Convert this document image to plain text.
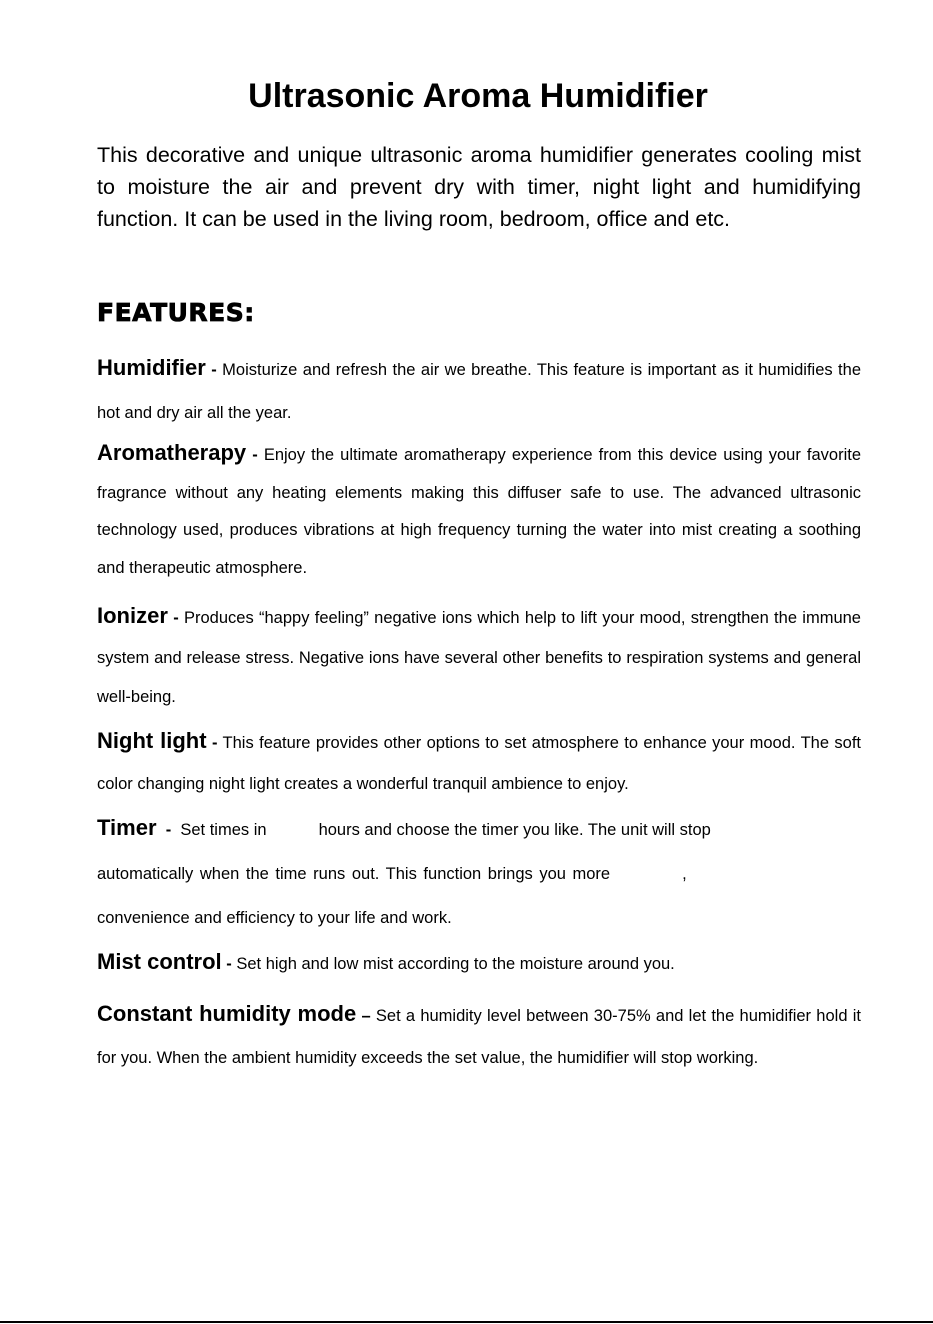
Ultrasonic Aroma Humidifier

This decorative and unique ultrasonic aroma humidifier generates cooling mist to moisture the air and prevent dry with timer, night light and humidifying function. It can be used in the living room, bedroom, office and etc.

FEATURES:

Humidifier - Moisturize and refresh the air we breathe. This feature is important as it humidifies the hot and dry air all the year.

Aromatherapy - Enjoy the ultimate aromatherapy experience from this device using your favorite fragrance without any heating elements making this diffuser safe to use. The advanced ultrasonic technology used, produces vibrations at high frequency turning the water into mist creating a soothing and therapeutic atmosphere.

Ionizer - Produces “happy feeling” negative ions which help to lift your mood, strengthen the immune system and release stress. Negative ions have several other benefits to respiration systems and general well-being.

Night light - This feature provides other options to set atmosphere to enhance your mood. The soft color changing night light creates a wonderful tranquil ambience to enjoy.

Timer - Set times in	hours and choose the timer you like. The unit will stop
automatically when the time runs out. This function brings you more	,
convenience and efficiency to your life and work.

Mist control - Set high and low mist according to the moisture around you.

Constant humidity mode – Set a humidity level between 30-75% and let the humidifier hold it for you. When the ambient humidity exceeds the set value, the humidifier will stop working.
